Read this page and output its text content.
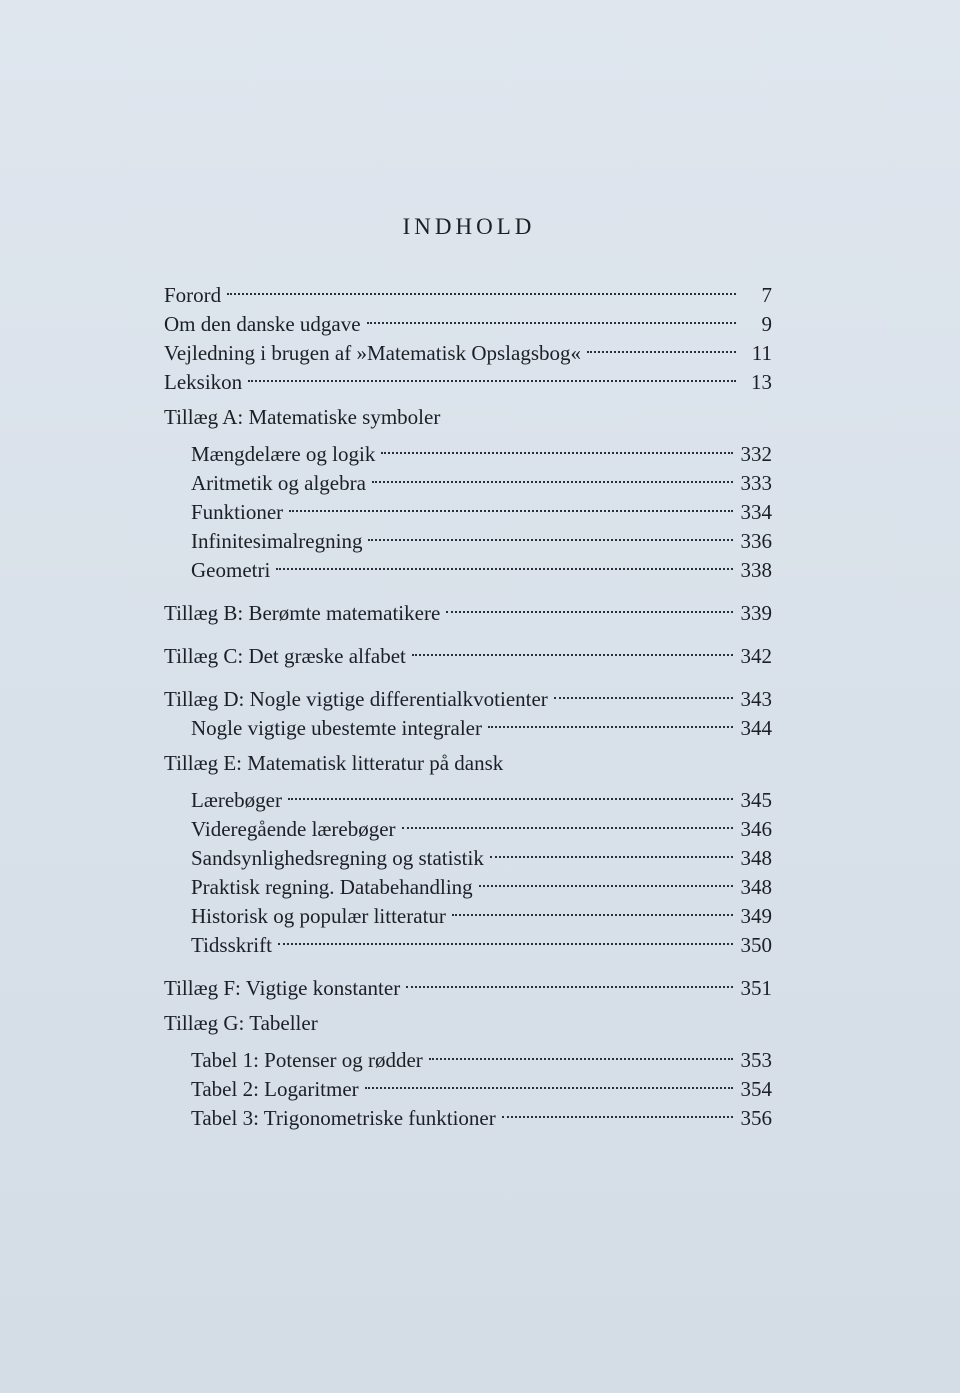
INDHOLD
Forord	7
Om den danske udgave	9
Vejledning i brugen af »Matematisk Opslagsbog«	11
Leksikon	13
Tillæg A: Matematiske symboler
Mængdelære og logik	332
Aritmetik og algebra	333
Funktioner	334
Infinitesimalregning	336
Geometri	338
Tillæg B: Berømte matematikere	339
Tillæg C: Det græske alfabet	342
Tillæg D: Nogle vigtige differentialkvotienter	343
Nogle vigtige ubestemte integraler	344
Tillæg E: Matematisk litteratur på dansk
Lærebøger	345
Videregående lærebøger	346
Sandsynlighedsregning og statistik	348
Praktisk regning. Databehandling	348
Historisk og populær litteratur	349
Tidsskrift	350
Tillæg F: Vigtige konstanter	351
Tillæg G: Tabeller
Tabel 1: Potenser og rødder	353
Tabel 2: Logaritmer	354
Tabel 3: Trigonometriske funktioner	356
